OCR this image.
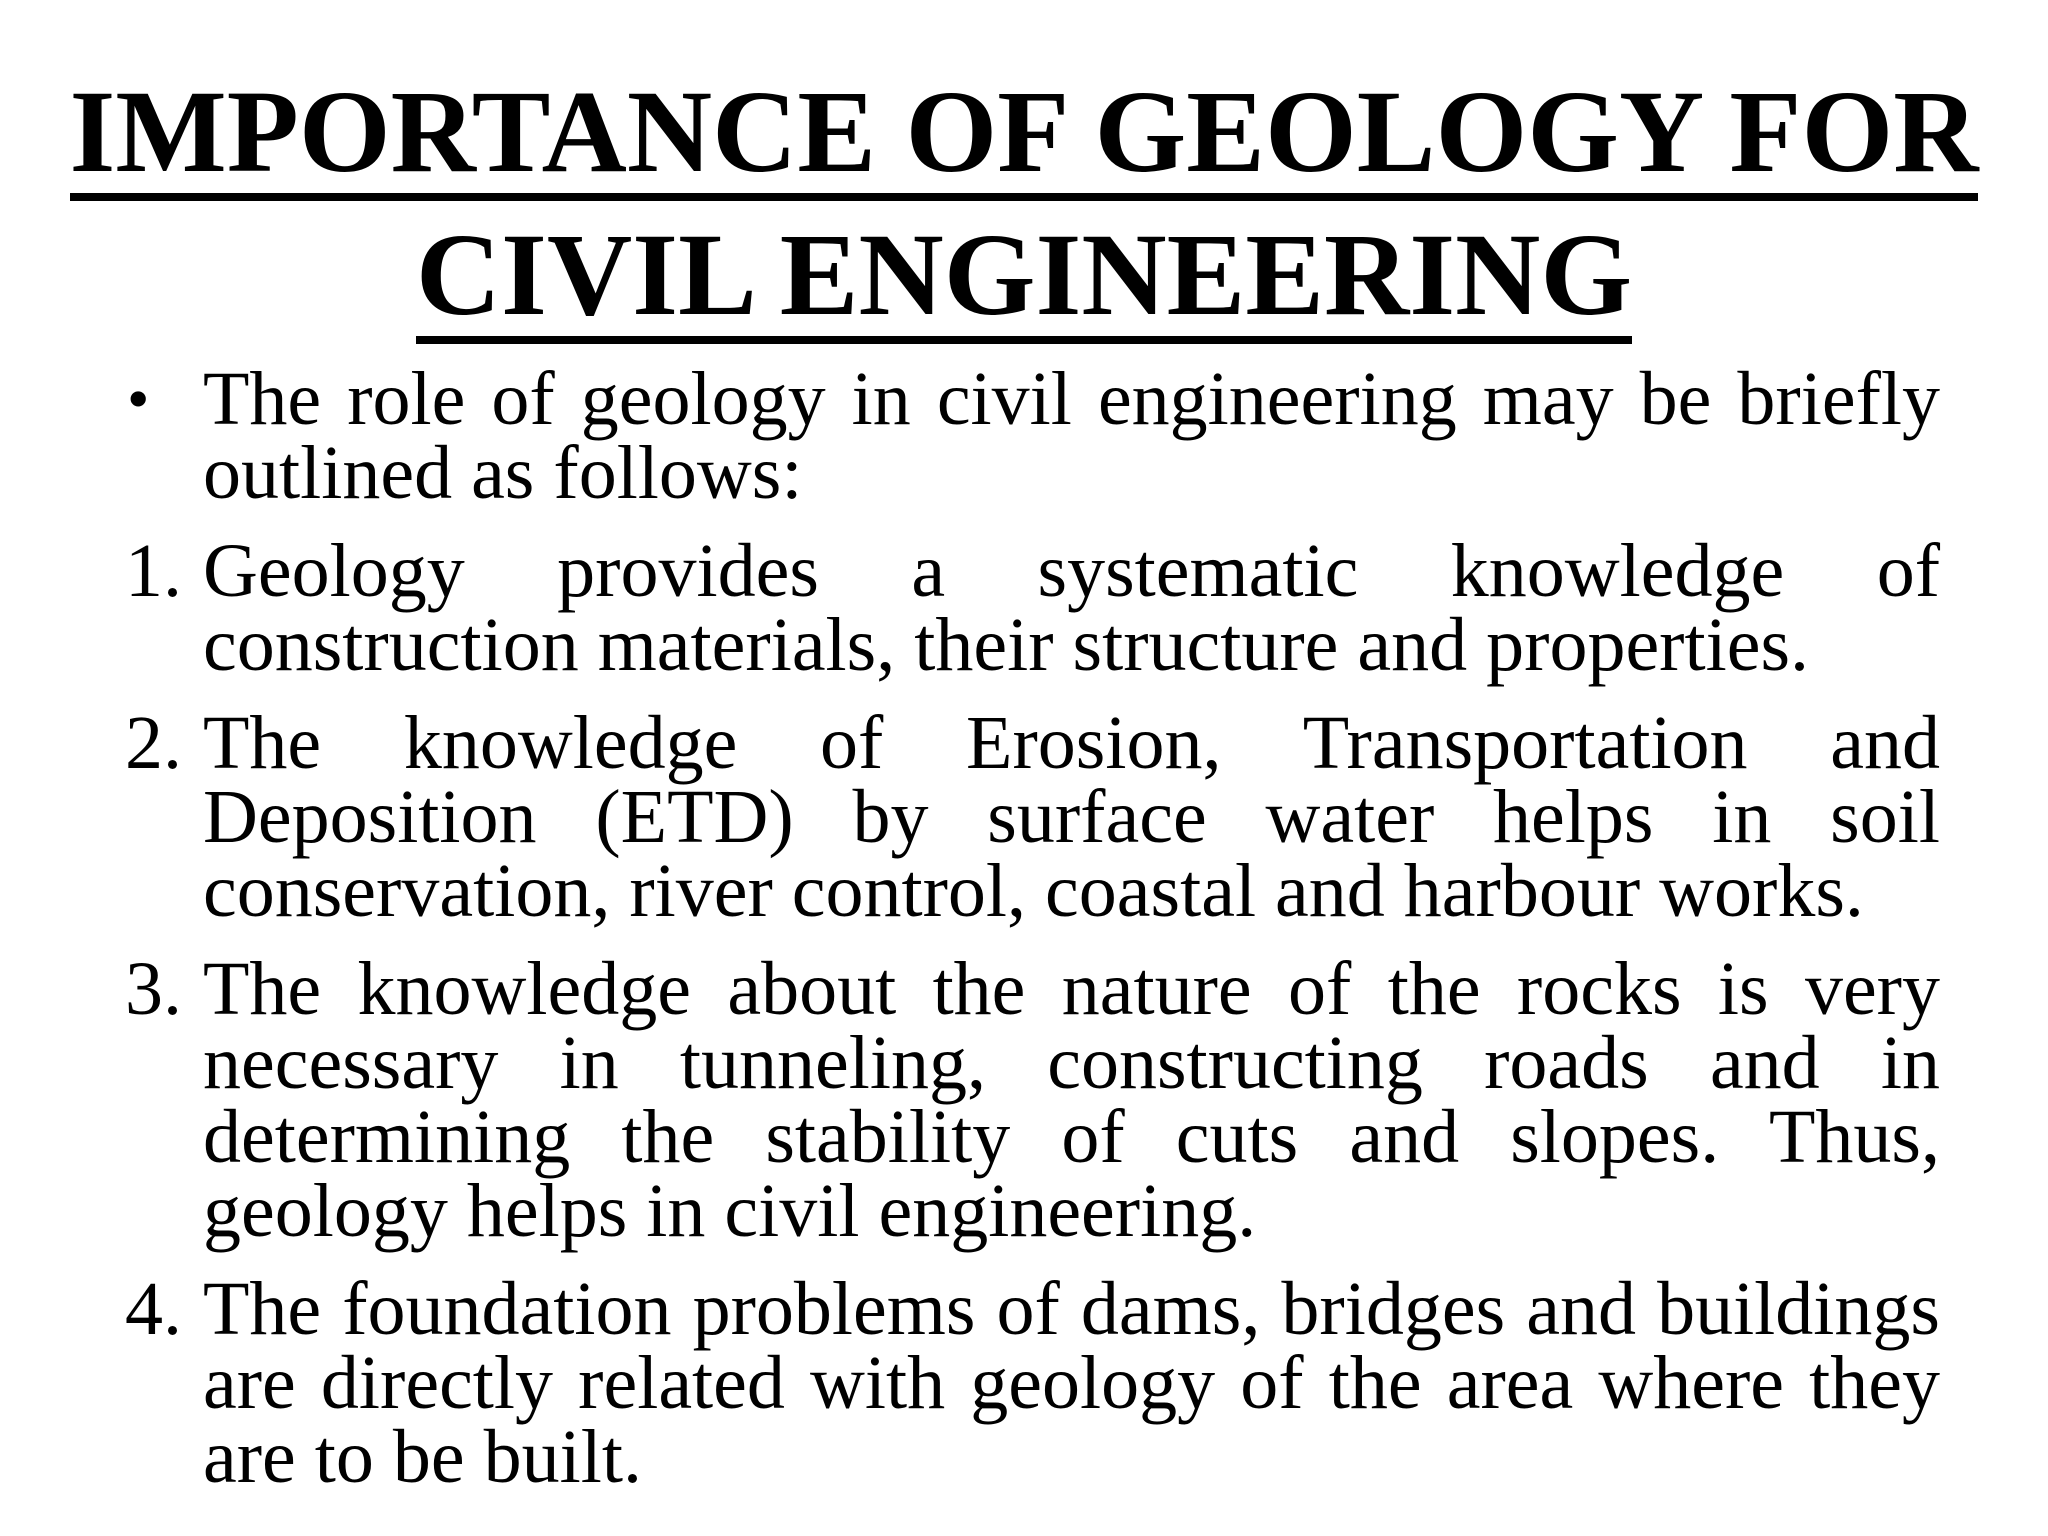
IMPORTANCE OF GEOLOGY FOR
CIVIL ENGINEERING
• The role of geology in civil engineering may be briefly outlined as follows:
1. Geology provides a systematic knowledge of construction materials, their structure and properties.
2. The knowledge of Erosion, Transportation and Deposition (ETD) by surface water helps in soil conservation, river control, coastal and harbour works.
3. The knowledge about the nature of the rocks is very necessary in tunneling, constructing roads and in determining the stability of cuts and slopes. Thus, geology helps in civil engineering.
4. The foundation problems of dams, bridges and buildings are directly related with geology of the area where they are to be built.
